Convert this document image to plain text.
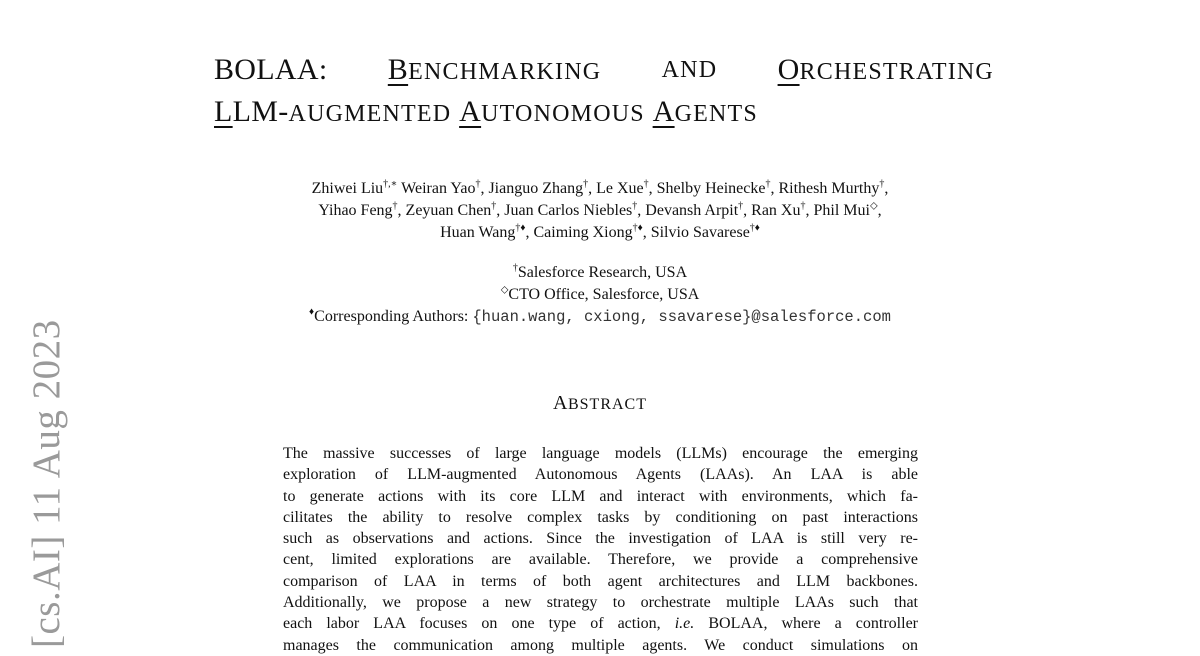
[cs.AI] 11 Aug 2023
BOLAA: BENCHMARKING	AND ORCHESTRATING
LLM-AUGMENTED
AUTONOMOUS
AGENTS
Zhiwei Liu†,∗ Weiran Yao†, Jianguo Zhang†, Le Xue†, Shelby Heinecke†, Rithesh Murthy†,
Yihao Feng†, Zeyuan Chen†, Juan Carlos Niebles†, Devansh Arpit†, Ran Xu†, Phil Mui◇,
Huan Wang†♦, Caiming Xiong†♦, Silvio Savarese†♦
†Salesforce Research, USA
◇CTO Office, Salesforce, USA
♦Corresponding Authors: {huan.wang, cxiong, ssavarese}@salesforce.com
ABSTRACT
The massive successes of large language models (LLMs) encourage the emerging
exploration of LLM-augmented Autonomous Agents (LAAs). An LAA is able
to generate actions with its core LLM and interact with environments, which fa-
cilitates the ability to resolve complex tasks by conditioning on past interactions
such as observations and actions. Since the investigation of LAA is still very re-
cent, limited explorations are available. Therefore, we provide a comprehensive
comparison of LAA in terms of both agent architectures and LLM backbones.
Additionally, we propose a new strategy to orchestrate multiple LAAs such that
each labor LAA focuses on one type of action, i.e. BOLAA, where a controller
manages the communication among multiple agents. We conduct simulations on
